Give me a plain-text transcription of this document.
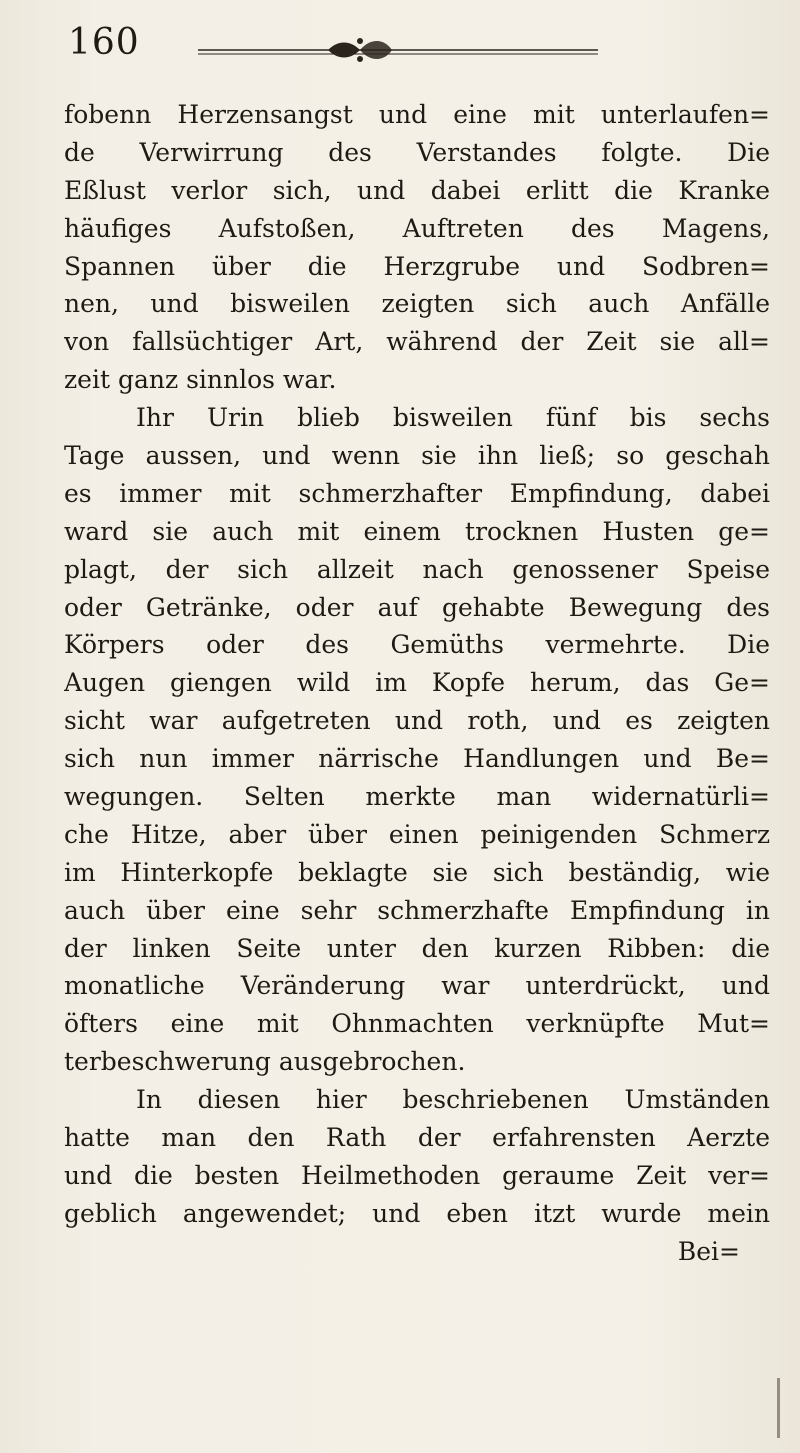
160
fobenn Herzensangst und eine mit unterlaufen=
de Verwirrung des Verstandes folgte. Die
Eßlust verlor sich, und dabei erlitt die Kranke
häufiges Aufstoßen, Auftreten des Magens,
Spannen über die Herzgrube und Sodbren=
nen, und bisweilen zeigten sich auch Anfälle
von fallsüchtiger Art, während der Zeit sie all=
zeit ganz sinnlos war.
Ihr Urin blieb bisweilen fünf bis sechs
Tage aussen, und wenn sie ihn ließ; so geschah
es immer mit schmerzhafter Empfindung, dabei
ward sie auch mit einem trocknen Husten ge=
plagt, der sich allzeit nach genossener Speise
oder Getränke, oder auf gehabte Bewegung des
Körpers oder des Gemüths vermehrte. Die
Augen giengen wild im Kopfe herum, das Ge=
sicht war aufgetreten und roth, und es zeigten
sich nun immer närrische Handlungen und Be=
wegungen. Selten merkte man widernatürli=
che Hitze, aber über einen peinigenden Schmerz
im Hinterkopfe beklagte sie sich beständig, wie
auch über eine sehr schmerzhafte Empfindung in
der linken Seite unter den kurzen Ribben: die
monatliche Veränderung war unterdrückt, und
öfters eine mit Ohnmachten verknüpfte Mut=
terbeschwerung ausgebrochen.
In diesen hier beschriebenen Umständen
hatte man den Rath der erfahrensten Aerzte
und die besten Heilmethoden geraume Zeit ver=
geblich angewendet; und eben itzt wurde mein
Bei=
